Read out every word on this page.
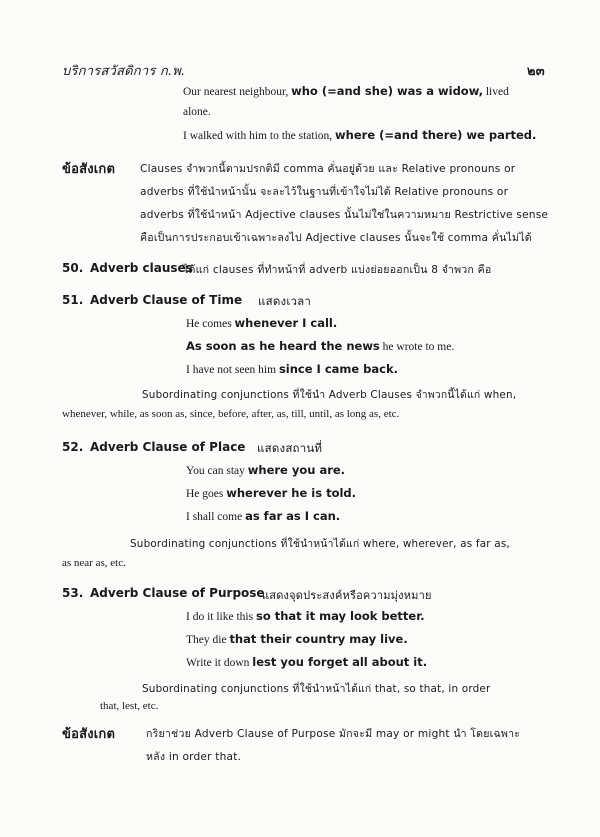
บริการสวัสดิการ ก.พ.	๒๓
Our nearest neighbour, who (=and she) was a widow, lived
alone.
I walked with him to the station, where (=and there) we parted.
ข้อสังเกต Clauses จำพวกนี้ตามปรกติมี comma คั่นอยู่ด้วย และ Relative pronouns or
adverbs ที่ใช้นำหน้านั้น จะละไว้ในฐานที่เข้าใจไม่ได้ Relative pronouns or
adverbs ที่ใช้นำหน้า Adjective clauses นั้นไม่ใช่ในความหมาย Restrictive sense
คือเป็นการประกอบเข้าเฉพาะลงไป Adjective clauses นั้นจะใช้ comma คั่นไม่ได้
50. Adverb clauses
ได้แก่ clauses ที่ทำหน้าที่ adverb แบ่งย่อยออกเป็น 8 จำพวก คือ
51. Adverb Clause of Time แสดงเวลา
He comes whenever I call.
As soon as he heard the news he wrote to me.
I have not seen him since I came back.
Subordinating conjunctions ที่ใช้นำ Adverb Clauses จำพวกนี้ได้แก่ when,
whenever, while, as soon as, since, before, after, as, till, until, as long as, etc.
52. Adverb Clause of Place แสดงสถานที่
You can stay where you are.
He goes wherever he is told.
I shall come as far as I can.
Subordinating conjunctions ที่ใช้นำหน้าได้แก่ where, wherever, as far as,
as near as, etc.
53. Adverb Clause of Purpose
แสดงจุดประสงค์หรือความมุ่งหมาย
I do it like this so that it may look better.
They die that their country may live.
Write it down lest you forget all about it.
Subordinating conjunctions ที่ใช้นำหน้าได้แก่ that, so that, in order
that, lest, etc.
ข้อสังเกต	กริยาช่วย Adverb Clause of Purpose มักจะมี may or might นำ โดยเฉพาะ
หลัง in order that.
